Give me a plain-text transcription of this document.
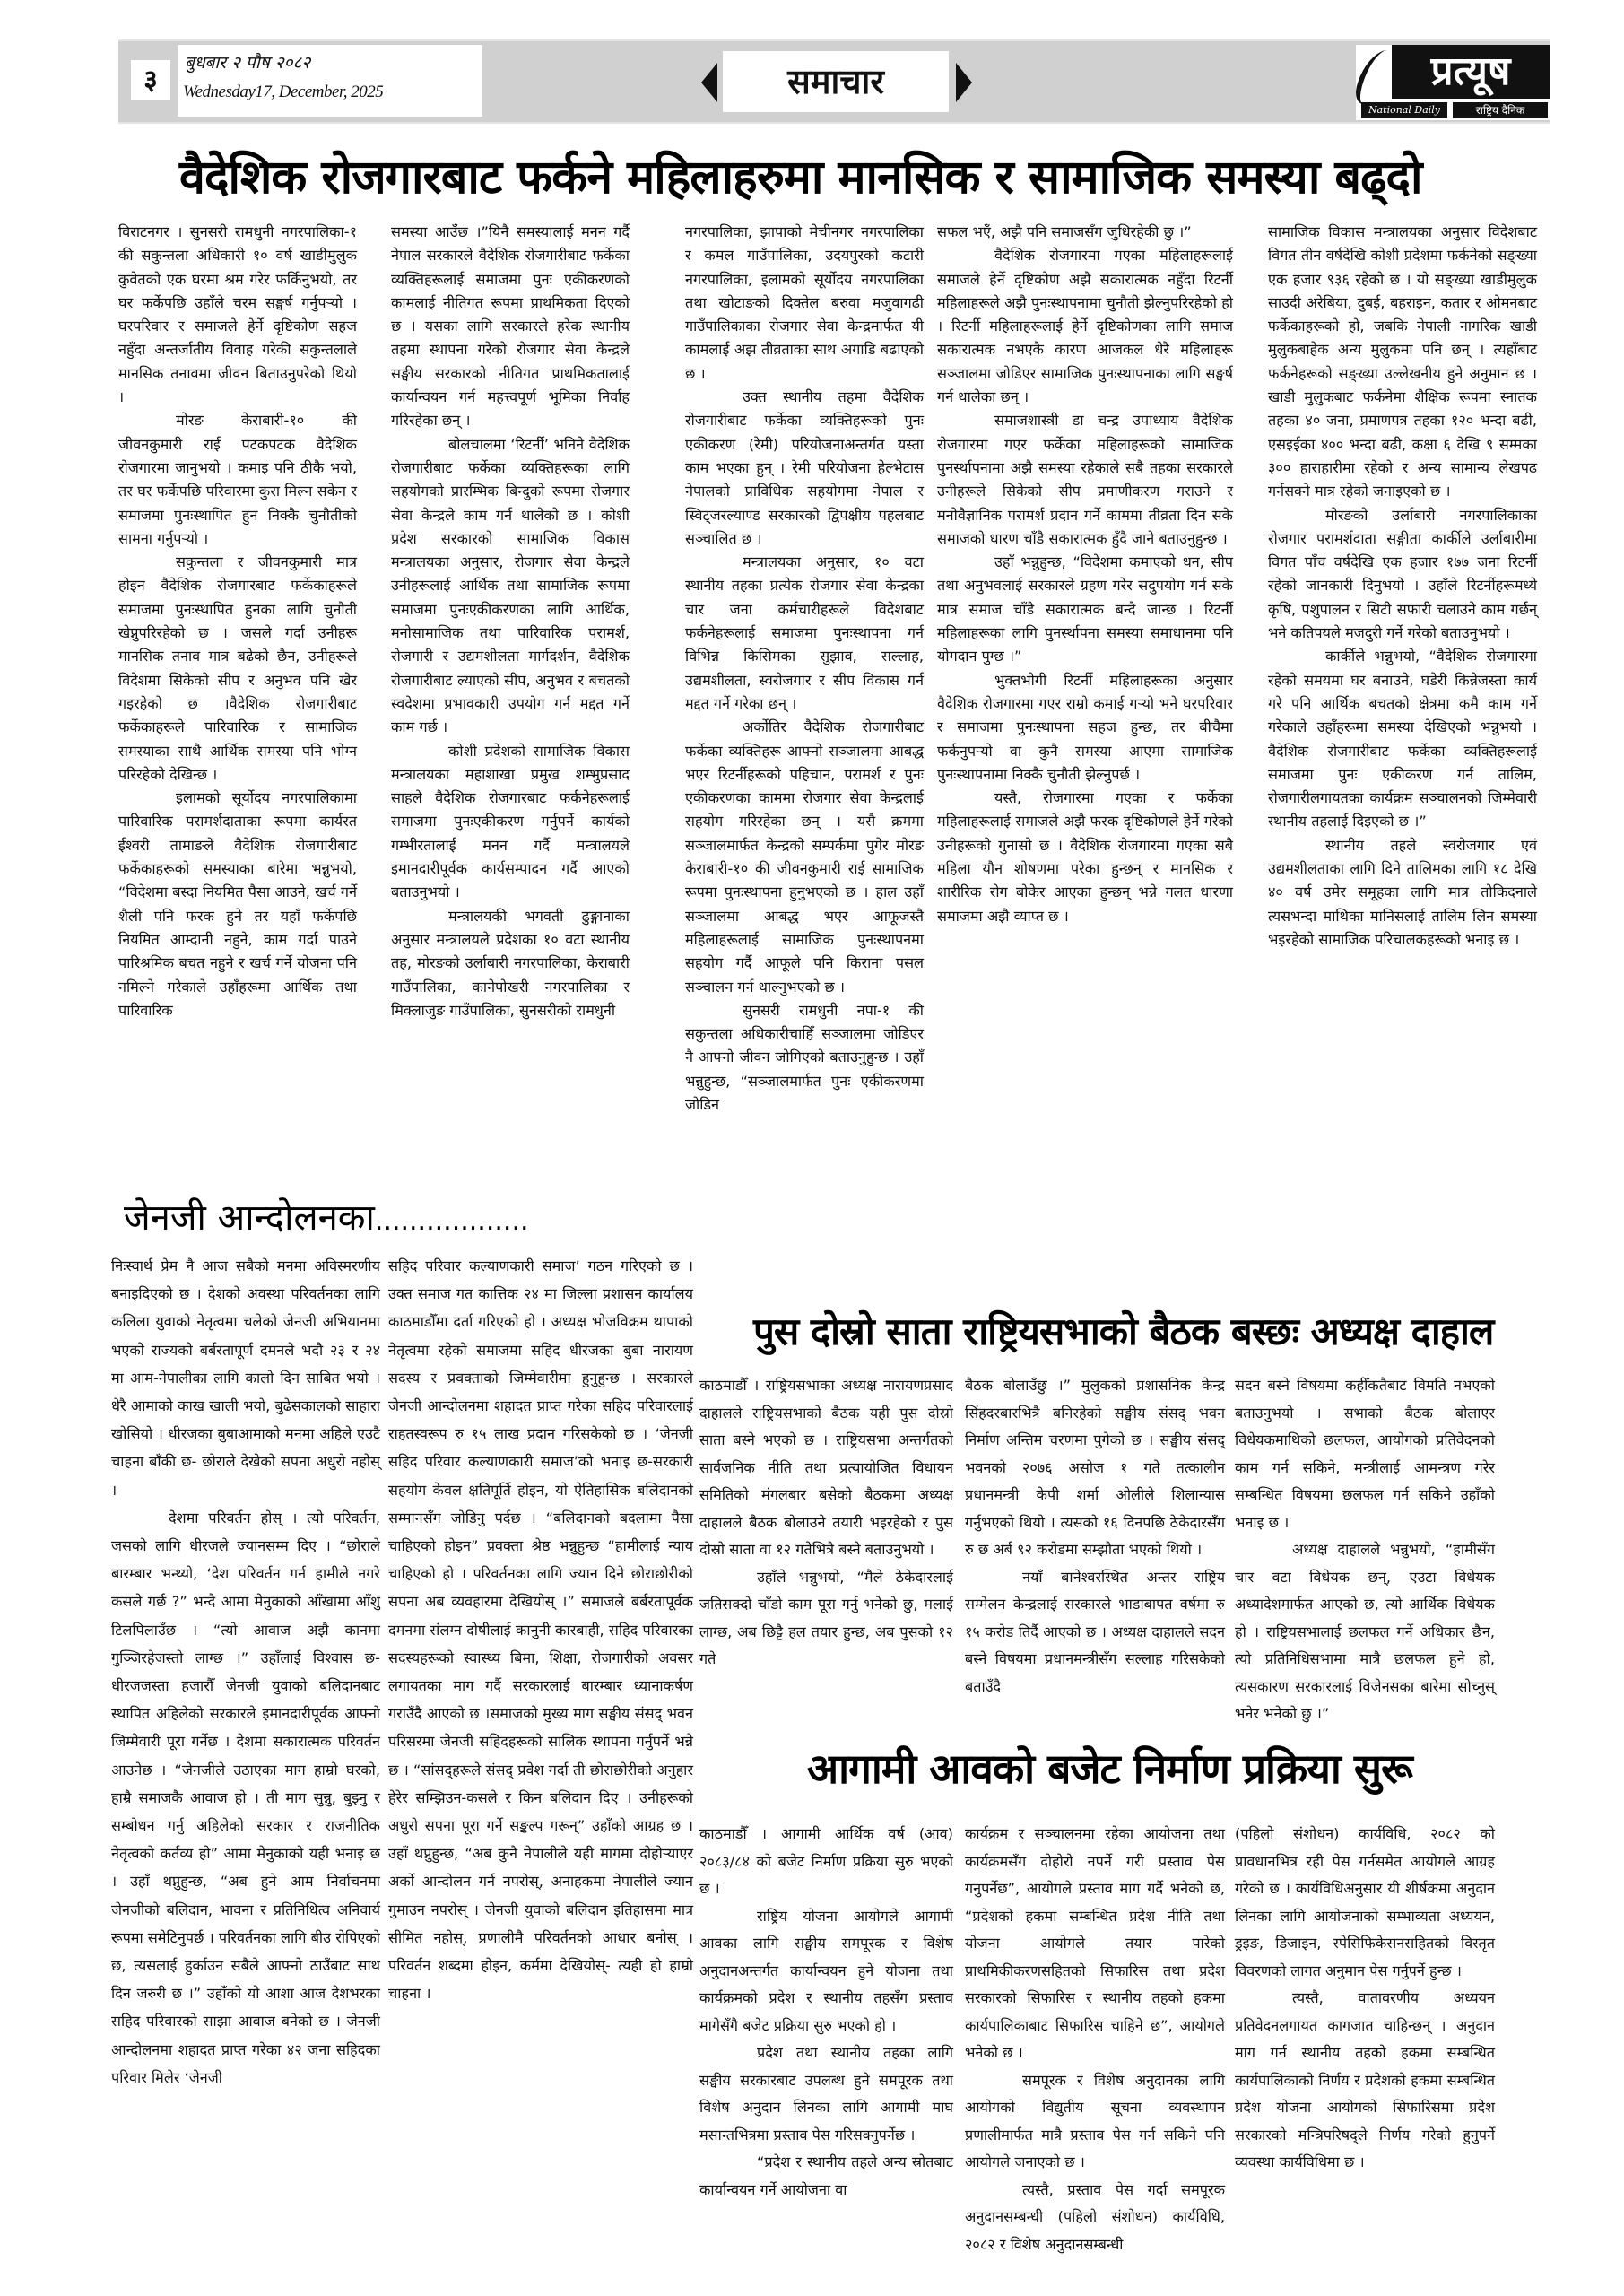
३
बुधबार २ पौष २०८२
Wednesday17, December, 2025	समाचार	प्रत्यूष
National Daily	राष्ट्रिय दैनिक
वैदेशिक रोजगारबाट फर्कने महिलाहरुमा मानसिक र सामाजिक समस्या बढ्दो

विराटनगर । सुनसरी रामधुनी नगरपालिका-१ की सकुन्तला अधिकारी १० वर्ष खाडीमुलुक कुवेतको एक घरमा श्रम गरेर फर्किनुभयो, तर घर फर्केपछि उहाँले चरम सङ्घर्ष गर्नुपर्‍यो । घरपरिवार र समाजले हेर्ने दृष्टिकोण सहज नहुँदा अन्तर्जातीय विवाह गरेकी सकुन्तलाले मानसिक तनावमा जीवन बिताउनुपरेको थियो ।

मोरङ केराबारी-१० की जीवनकुमारी राई पटकपटक वैदेशिक रोजगारमा जानुभयो । कमाइ पनि ठीकै भयो, तर घर फर्केपछि परिवारमा कुरा मिल्न सकेन र समाजमा पुनःस्थापित हुन निक्कै चुनौतीको सामना गर्नुपर्‍यो ।

सकुन्तला र जीवनकुमारी मात्र होइन वैदेशिक रोजगारबाट फर्केकाहरूले समाजमा पुनःस्थापित हुनका लागि चुनौती खेप्नुपरिरहेको छ । जसले गर्दा उनीहरू मानसिक तनाव मात्र बढेको छैन, उनीहरूले विदेशमा सिकेको सीप र अनुभव पनि खेर गइरहेको छ ।वैदेशिक रोजगारीबाट फर्केकाहरूले पारिवारिक र सामाजिक समस्याका साथै आर्थिक समस्या पनि भोग्न परिरहेको देखिन्छ ।

इलामको सूर्योदय नगरपालिकामा पारिवारिक परामर्शदाताका रूपमा कार्यरत ईश्वरी तामाङले वैदेशिक रोजगारीबाट फर्केकाहरूको समस्याका बारेमा भन्नुभयो, “विदेशमा बस्दा नियमित पैसा आउने, खर्च गर्ने शैली पनि फरक हुने तर यहाँ फर्केपछि नियमित आम्दानी नहुने, काम गर्दा पाउने पारिश्रमिक बचत नहुने र खर्च गर्ने योजना पनि नमिल्ने गरेकाले उहाँहरूमा आर्थिक तथा पारिवारिक

समस्या आउँछ ।”यिनै समस्यालाई मनन गर्दै नेपाल सरकारले वैदेशिक रोजगारीबाट फर्केका व्यक्तिहरूलाई समाजमा पुनः एकीकरणको कामलाई नीतिगत रूपमा प्राथमिकता दिएको छ । यसका लागि सरकारले हरेक स्थानीय तहमा स्थापना गरेको रोजगार सेवा केन्द्रले सङ्घीय सरकारको नीतिगत प्राथमिकतालाई कार्यान्वयन गर्न महत्त्वपूर्ण भूमिका निर्वाह गरिरहेका छन् ।

बोलचालमा ‘रिटर्नी’ भनिने वैदेशिक रोजगारीबाट फर्केका व्यक्तिहरूका लागि सहयोगको प्रारम्भिक बिन्दुको रूपमा रोजगार सेवा केन्द्रले काम गर्न थालेको छ । कोशी प्रदेश सरकारको सामाजिक विकास मन्त्रालयका अनुसार, रोजगार सेवा केन्द्रले उनीहरूलाई आर्थिक तथा सामाजिक रूपमा समाजमा पुनःएकीकरणका लागि आर्थिक, मनोसामाजिक तथा पारिवारिक परामर्श, रोजगारी र उद्यमशीलता मार्गदर्शन, वैदेशिक रोजगारीबाट ल्याएको सीप, अनुभव र बचतको स्वदेशमा प्रभावकारी उपयोग गर्न मद्दत गर्ने काम गर्छ ।

कोशी प्रदेशको सामाजिक विकास मन्त्रालयका महाशाखा प्रमुख शम्भुप्रसाद साहले वैदेशिक रोजगारबाट फर्कनेहरूलाई समाजमा पुनःएकीकरण गर्नुपर्ने कार्यको गम्भीरतालाई मनन गर्दै मन्त्रालयले इमानदारीपूर्वक कार्यसम्पादन गर्दै आएको बताउनुभयो ।

मन्त्रालयकी भगवती ढुङ्गानाका अनुसार मन्त्रालयले प्रदेशका १० वटा स्थानीय तह, मोरङको उर्लाबारी नगरपालिका, केराबारी गाउँपालिका, कानेपोखरी नगरपालिका र मिक्लाजुङ गाउँपालिका, सुनसरीको रामधुनी

नगरपालिका, झापाको मेचीनगर नगरपालिका र कमल गाउँपालिका, उदयपुरको कटारी नगरपालिका, इलामको सूर्योदय नगरपालिका तथा खोटाङको दिक्तेल बरुवा मजुवागढी गाउँपालिकाका रोजगार सेवा केन्द्रमार्फत यी कामलाई अझ तीव्रताका साथ अगाडि बढाएको छ ।

उक्त स्थानीय तहमा वैदेशिक रोजगारीबाट फर्केका व्यक्तिहरूको पुनः एकीकरण (रेमी) परियोजनाअन्तर्गत यस्ता काम भएका हुन् । रेमी परियोजना हेल्भेटास नेपालको प्राविधिक सहयोगमा नेपाल र स्विट्जरल्याण्ड सरकारको द्विपक्षीय पहलबाट सञ्चालित छ ।

मन्त्रालयका अनुसार, १० वटा स्थानीय तहका प्रत्येक रोजगार सेवा केन्द्रका चार जना कर्मचारीहरूले विदेशबाट फर्कनेहरूलाई समाजमा पुनःस्थापना गर्न विभिन्न किसिमका सुझाव, सल्लाह, उद्यमशीलता, स्वरोजगार र सीप विकास गर्न मद्दत गर्ने गरेका छन् ।

अर्कोतिर वैदेशिक रोजगारीबाट फर्केका व्यक्तिहरू आफ्नो सञ्जालमा आबद्ध भएर रिटर्नीहरूको पहिचान, परामर्श र पुनः एकीकरणका काममा रोजगार सेवा केन्द्रलाई सहयोग गरिरहेका छन् । यसै क्रममा सञ्जालमार्फत केन्द्रको सम्पर्कमा पुगेर मोरङ केराबारी-१० की जीवनकुमारी राई सामाजिक रूपमा पुनःस्थापना हुनुभएको छ । हाल उहाँ सञ्जालमा आबद्ध भएर आफूजस्तै महिलाहरूलाई सामाजिक पुनःस्थापनमा सहयोग गर्दै आफूले पनि किराना पसल सञ्चालन गर्न थाल्नुभएको छ ।

सुनसरी रामधुनी नपा-१ की सकुन्तला अधिकारीचाहिँ सञ्जालमा जोडिएर नै आफ्नो जीवन जोगिएको बताउनुहुन्छ । उहाँ भन्नुहुन्छ, “सञ्जालमार्फत पुनः एकीकरणमा जोडिन

सफल भएँ, अझै पनि समाजसँग जुधिरहेकी छु ।”

वैदेशिक रोजगारमा गएका महिलाहरूलाई समाजले हेर्ने दृष्टिकोण अझै सकारात्मक नहुँदा रिटर्नी महिलाहरूले अझै पुनःस्थापनामा चुनौती झेल्नुपरिरहेको हो । रिटर्नी महिलाहरूलाई हेर्ने दृष्टिकोणका लागि समाज सकारात्मक नभएकै कारण आजकल धेरै महिलाहरू सञ्जालमा जोडिएर सामाजिक पुनःस्थापनाका लागि सङ्घर्ष गर्न थालेका छन् ।

समाजशास्त्री डा चन्द्र उपाध्याय वैदेशिक रोजगारमा गएर फर्केका महिलाहरूको सामाजिक पुनर्स्थापनामा अझै समस्या रहेकाले सबै तहका सरकारले उनीहरूले सिकेको सीप प्रमाणीकरण गराउने र मनोवैज्ञानिक परामर्श प्रदान गर्ने काममा तीव्रता दिन सके समाजको धारण चाँडै सकारात्मक हुँदै जाने बताउनुहुन्छ ।

उहाँ भन्नुहुन्छ, “विदेशमा कमाएको धन, सीप तथा अनुभवलाई सरकारले ग्रहण गरेर सदुपयोग गर्न सके मात्र समाज चाँडै सकारात्मक बन्दै जान्छ । रिटर्नी महिलाहरूका लागि पुनर्स्थापना समस्या समाधानमा पनि योगदान पुग्छ ।”

भुक्तभोगी रिटर्नी महिलाहरूका अनुसार वैदेशिक रोजगारमा गएर राम्रो कमाई गर्‍यो भने घरपरिवार र समाजमा पुनःस्थापना सहज हुन्छ, तर बीचैमा फर्कनुपर्‍यो वा कुनै समस्या आएमा सामाजिक पुनःस्थापनामा निक्कै चुनौती झेल्नुपर्छ ।

यस्तै, रोजगारमा गएका र फर्केका महिलाहरूलाई समाजले अझै फरक दृष्टिकोणले हेर्ने गरेको उनीहरूको गुनासो छ । वैदेशिक रोजगारमा गएका सबै महिला यौन शोषणमा परेका हुन्छन् र मानसिक र शारीरिक रोग बोकेर आएका हुन्छन् भन्ने गलत धारणा समाजमा अझै व्याप्त छ ।

सामाजिक विकास मन्त्रालयका अनुसार विदेशबाट विगत तीन वर्षदेखि कोशी प्रदेशमा फर्कनेको सङ्ख्या एक हजार ९३६ रहेको छ । यो सङ्ख्या खाडीमुलुक साउदी अरेबिया, दुबई, बहराइन, कतार र ओमनबाट फर्केकाहरूको हो, जबकि नेपाली नागरिक खाडी मुलुकबाहेक अन्य मुलुकमा पनि छन् । त्यहाँबाट फर्कनेहरूको सङ्ख्या उल्लेखनीय हुने अनुमान छ । खाडी मुलुकबाट फर्कनेमा शैक्षिक रूपमा स्नातक तहका ४० जना, प्रमाणपत्र तहका १२० भन्दा बढी, एसइईका ४०० भन्दा बढी, कक्षा ६ देखि ९ सम्मका ३०० हाराहारीमा रहेको र अन्य सामान्य लेखपढ गर्नसक्ने मात्र रहेको जनाइएको छ ।

मोरङको उर्लाबारी नगरपालिकाका रोजगार परामर्शदाता सङ्गीता कार्कीले उर्लाबारीमा विगत पाँच वर्षदेखि एक हजार १७७ जना रिटर्नी रहेको जानकारी दिनुभयो । उहाँले रिटर्नीहरूमध्ये कृषि, पशुपालन र सिटी सफारी चलाउने काम गर्छन् भने कतिपयले मजदुरी गर्ने गरेको बताउनुभयो ।

कार्कीले भन्नुभयो, “वैदेशिक रोजगारमा रहेको समयमा घर बनाउने, घडेरी किन्नेजस्ता कार्य गरे पनि आर्थिक बचतको क्षेत्रमा कमै काम गर्ने गरेकाले उहाँहरूमा समस्या देखिएको भन्नुभयो । वैदेशिक रोजगारीबाट फर्केका व्यक्तिहरूलाई समाजमा पुनः एकीकरण गर्न तालिम, रोजगारीलगायतका कार्यक्रम सञ्चालनको जिम्मेवारी स्थानीय तहलाई दिइएको छ ।”

स्थानीय तहले स्वरोजगार एवं उद्यमशीलताका लागि दिने तालिमका लागि १८ देखि ४० वर्ष उमेर समूहका लागि मात्र तोकिदनाले त्यसभन्दा माथिका मानिसलाई तालिम लिन समस्या भइरहेको सामाजिक परिचालकहरूको भनाइ छ ।

जेनजी आन्दोलनका..................

निःस्वार्थ प्रेम नै आज सबैको मनमा अविस्मरणीय बनाइदिएको छ । देशको अवस्था परिवर्तनका लागि कलिला युवाको नेतृत्वमा चलेको जेनजी अभियानमा भएको राज्यको बर्बरतापूर्ण दमनले भदौ २३ र २४ मा आम-नेपालीका लागि कालो दिन साबित भयो । धेरै आमाको काख खाली भयो, बुढेसकालको साहारा खोसियो । धीरजका बुबाआमाको मनमा अहिले एउटै चाहना बाँकी छ- छोराले देखेको सपना अधुरो नहोस् ।

देशमा परिवर्तन होस् । त्यो परिवर्तन, जसको लागि धीरजले ज्यानसम्म दिए । “छोराले बारम्बार भन्थ्यो, ‘देश परिवर्तन गर्न हामीले नगरे कसले गर्छ ?” भन्दै आमा मेनुकाको आँखामा आँशु टिलपिलाउँछ । “त्यो आवाज अझै कानमा गुञ्जिरहेजस्तो लाग्छ ।” उहाँलाई विश्वास छ- धीरजजस्ता हजारौँ जेनजी युवाको बलिदानबाट स्थापित अहिलेको सरकारले इमानदारीपूर्वक आफ्नो जिम्मेवारी पूरा गर्नेछ । देशमा सकारात्मक परिवर्तन आउनेछ । “जेनजीले उठाएका माग हाम्रो घरको, हाम्रै समाजकै आवाज हो । ती माग सुन्नु, बुझ्नु र सम्बोधन गर्नु अहिलेको सरकार र राजनीतिक नेतृत्वको कर्तव्य हो” आमा मेनुकाको यही भनाइ छ । उहाँ थप्नुहुन्छ, “अब हुने आम निर्वाचनमा जेनजीको बलिदान, भावना र प्रतिनिधित्व अनिवार्य रूपमा समेटिनुपर्छ । परिवर्तनका लागि बीउ रोपिएको छ, त्यसलाई हुर्काउन सबैले आफ्नो ठाउँबाट साथ दिन जरुरी छ ।” उहाँको यो आशा आज देशभरका सहिद परिवारको साझा आवाज बनेको छ । जेनजी आन्दोलनमा शहादत प्राप्त गरेका ४२ जना सहिदका परिवार मिलेर ‘जेनजी

सहिद परिवार कल्याणकारी समाज’ गठन गरिएको छ । उक्त समाज गत कात्तिक २४ मा जिल्ला प्रशासन कार्यालय काठमाडौँमा दर्ता गरिएको हो । अध्यक्ष भोजविक्रम थापाको नेतृत्वमा रहेको समाजमा सहिद धीरजका बुबा नारायण सदस्य र प्रवक्ताको जिम्मेवारीमा हुनुहुन्छ । सरकारले जेनजी आन्दोलनमा शहादत प्राप्त गरेका सहिद परिवारलाई राहतस्वरूप रु १५ लाख प्रदान गरिसकेको छ । ‘जेनजी सहिद परिवार कल्याणकारी समाज’को भनाइ छ-सरकारी सहयोग केवल क्षतिपूर्ति होइन, यो ऐतिहासिक बलिदानको सम्मानसँग जोडिनु पर्दछ । “बलिदानको बदलामा पैसा चाहिएको होइन” प्रवक्ता श्रेष्ठ भन्नुहुन्छ “हामीलाई न्याय चाहिएको हो । परिवर्तनका लागि ज्यान दिने छोराछोरीको सपना अब व्यवहारमा देखियोस् ।” समाजले बर्बरतापूर्वक दमनमा संलग्न दोषीलाई कानुनी कारबाही, सहिद परिवारका सदस्यहरूको स्वास्थ्य बिमा, शिक्षा, रोजगारीको अवसर लगायतका माग गर्दै सरकारलाई बारम्बार ध्यानाकर्षण गराउँदै आएको छ ।समाजको मुख्य माग सङ्घीय संसद् भवन परिसरमा जेनजी सहिदहरूको सालिक स्थापना गर्नुपर्ने भन्ने छ । “सांसद्हरूले संसद् प्रवेश गर्दा ती छोराछोरीको अनुहार हेरेर सम्झिउन-कसले र किन बलिदान दिए । उनीहरूको अधुरो सपना पूरा गर्ने सङ्कल्प गरून्” उहाँको आग्रह छ । उहाँ थप्नुहुन्छ, “अब कुनै नेपालीले यही मागमा दोहोर्‍याएर अर्को आन्दोलन गर्न नपरोस्, अनाहकमा नेपालीले ज्यान गुमाउन नपरोस् । जेनजी युवाको बलिदान इतिहासमा मात्र सीमित नहोस्, प्रणालीमै परिवर्तनको आधार बनोस् । परिवर्तन शब्दमा होइन, कर्ममा देखियोस्- त्यही हो हाम्रो चाहना ।

पुस दोस्रो साता राष्ट्रियसभाको बैठक बस्छः अध्यक्ष दाहाल

काठमाडौँ । राष्ट्रियसभाका अध्यक्ष नारायणप्रसाद दाहालले राष्ट्रियसभाको बैठक यही पुस दोस्रो साता बस्ने भएको छ । राष्ट्रियसभा अन्तर्गतको सार्वजनिक नीति तथा प्रत्यायोजित विधायन समितिको मंगलबार बसेको बैठकमा अध्यक्ष दाहालले बैठक बोलाउने तयारी भइरहेको र पुस दोस्रो साता वा १२ गतेभित्रै बस्ने बताउनुभयो ।

उहाँले भन्नुभयो, “मैले ठेकेदारलाई जतिसक्दो चाँडो काम पूरा गर्नु भनेको छु, मलाई लाग्छ, अब छिट्टै हल तयार हुन्छ, अब पुसको १२ गते

बैठक बोलाउँछु ।” मुलुकको प्रशासनिक केन्द्र सिंहदरबारभित्रै बनिरहेको सङ्घीय संसद् भवन निर्माण अन्तिम चरणमा पुगेको छ । सङ्घीय संसद् भवनको २०७६ असोज १ गते तत्कालीन प्रधानमन्त्री केपी शर्मा ओलीले शिलान्यास गर्नुभएको थियो । त्यसको १६ दिनपछि ठेकेदारसँग रु छ अर्ब ९२ करोडमा सम्झौता भएको थियो ।

नयाँ बानेश्वरस्थित अन्तर राष्ट्रिय सम्मेलन केन्द्रलाई सरकारले भाडाबापत वर्षमा रु १५ करोड तिर्दै आएको छ । अध्यक्ष दाहालले सदन बस्ने विषयमा प्रधानमन्त्रीसँग सल्लाह गरिसकेको बताउँदै

सदन बस्ने विषयमा कहीँकतैबाट विमति नभएको बताउनुभयो । सभाको बैठक बोलाएर विधेयकमाथिको छलफल, आयोगको प्रतिवेदनको काम गर्न सकिने, मन्त्रीलाई आमन्त्रण गरेर सम्बन्धित विषयमा छलफल गर्न सकिने उहाँको भनाइ छ ।

अध्यक्ष दाहालले भन्नुभयो, “हामीसँग चार वटा विधेयक छन्, एउटा विधेयक अध्यादेशमार्फत आएको छ, त्यो आर्थिक विधेयक हो । राष्ट्रियसभालाई छलफल गर्ने अधिकार छैन, त्यो प्रतिनिधिसभामा मात्रै छलफल हुने हो, त्यसकारण सरकारलाई विजेनसका बारेमा सोच्नुस् भनेर भनेको छु ।”

आगामी आवको बजेट निर्माण प्रक्रिया सुरू

काठमाडौँ । आगामी आर्थिक वर्ष (आव) २०८३/८४ को बजेट निर्माण प्रक्रिया सुरु भएको छ ।

राष्ट्रिय योजना आयोगले आगामी आवका लागि सङ्घीय समपूरक र विशेष अनुदानअन्तर्गत कार्यान्वयन हुने योजना तथा कार्यक्रमको प्रदेश र स्थानीय तहसँग प्रस्ताव मागेसँगै बजेट प्रक्रिया सुरु भएको हो ।

प्रदेश तथा स्थानीय तहका लागि सङ्घीय सरकारबाट उपलब्ध हुने समपूरक तथा विशेष अनुदान लिनका लागि आगामी माघ मसान्तभित्रमा प्रस्ताव पेस गरिसक्नुपर्नेछ ।

“प्रदेश र स्थानीय तहले अन्य स्रोतबाट कार्यान्वयन गर्ने आयोजना वा

कार्यक्रम र सञ्चालनमा रहेका आयोजना तथा कार्यक्रमसँग दोहोरो नपर्ने गरी प्रस्ताव पेस गनुपर्नेछ”, आयोगले प्रस्ताव माग गर्दै भनेको छ, “प्रदेशको हकमा सम्बन्धित प्रदेश नीति तथा योजना आयोगले तयार पारेको प्राथमिकीकरणसहितको सिफारिस तथा प्रदेश सरकारको सिफारिस र स्थानीय तहको हकमा कार्यपालिकाबाट सिफारिस चाहिने छ”, आयोगले भनेको छ ।

समपूरक र विशेष अनुदानका लागि आयोगको विद्युतीय सूचना व्यवस्थापन प्रणालीमार्फत मात्रै प्रस्ताव पेस गर्न सकिने पनि आयोगले जनाएको छ ।

त्यस्तै, प्रस्ताव पेस गर्दा समपूरक अनुदानसम्बन्धी (पहिलो संशोधन) कार्यविधि, २०८२ र विशेष अनुदानसम्बन्धी

(पहिलो संशोधन) कार्यविधि, २०८२ को प्रावधानभित्र रही पेस गर्नसमेत आयोगले आग्रह गरेको छ । कार्यविधिअनुसार यी शीर्षकमा अनुदान लिनका लागि आयोजनाको सम्भाव्यता अध्ययन, ड्रइङ, डिजाइन, स्पेसिफिकेसनसहितको विस्तृत विवरणको लागत अनुमान पेस गर्नुपर्ने हुन्छ ।

त्यस्तै, वातावरणीय अध्ययन प्रतिवेदनलगायत कागजात चाहिन्छन् । अनुदान माग गर्न स्थानीय तहको हकमा सम्बन्धित कार्यपालिकाको निर्णय र प्रदेशको हकमा सम्बन्धित प्रदेश योजना आयोगको सिफारिसमा प्रदेश सरकारको मन्त्रिपरिषद्ले निर्णय गरेको हुनुपर्ने व्यवस्था कार्यविधिमा छ ।
